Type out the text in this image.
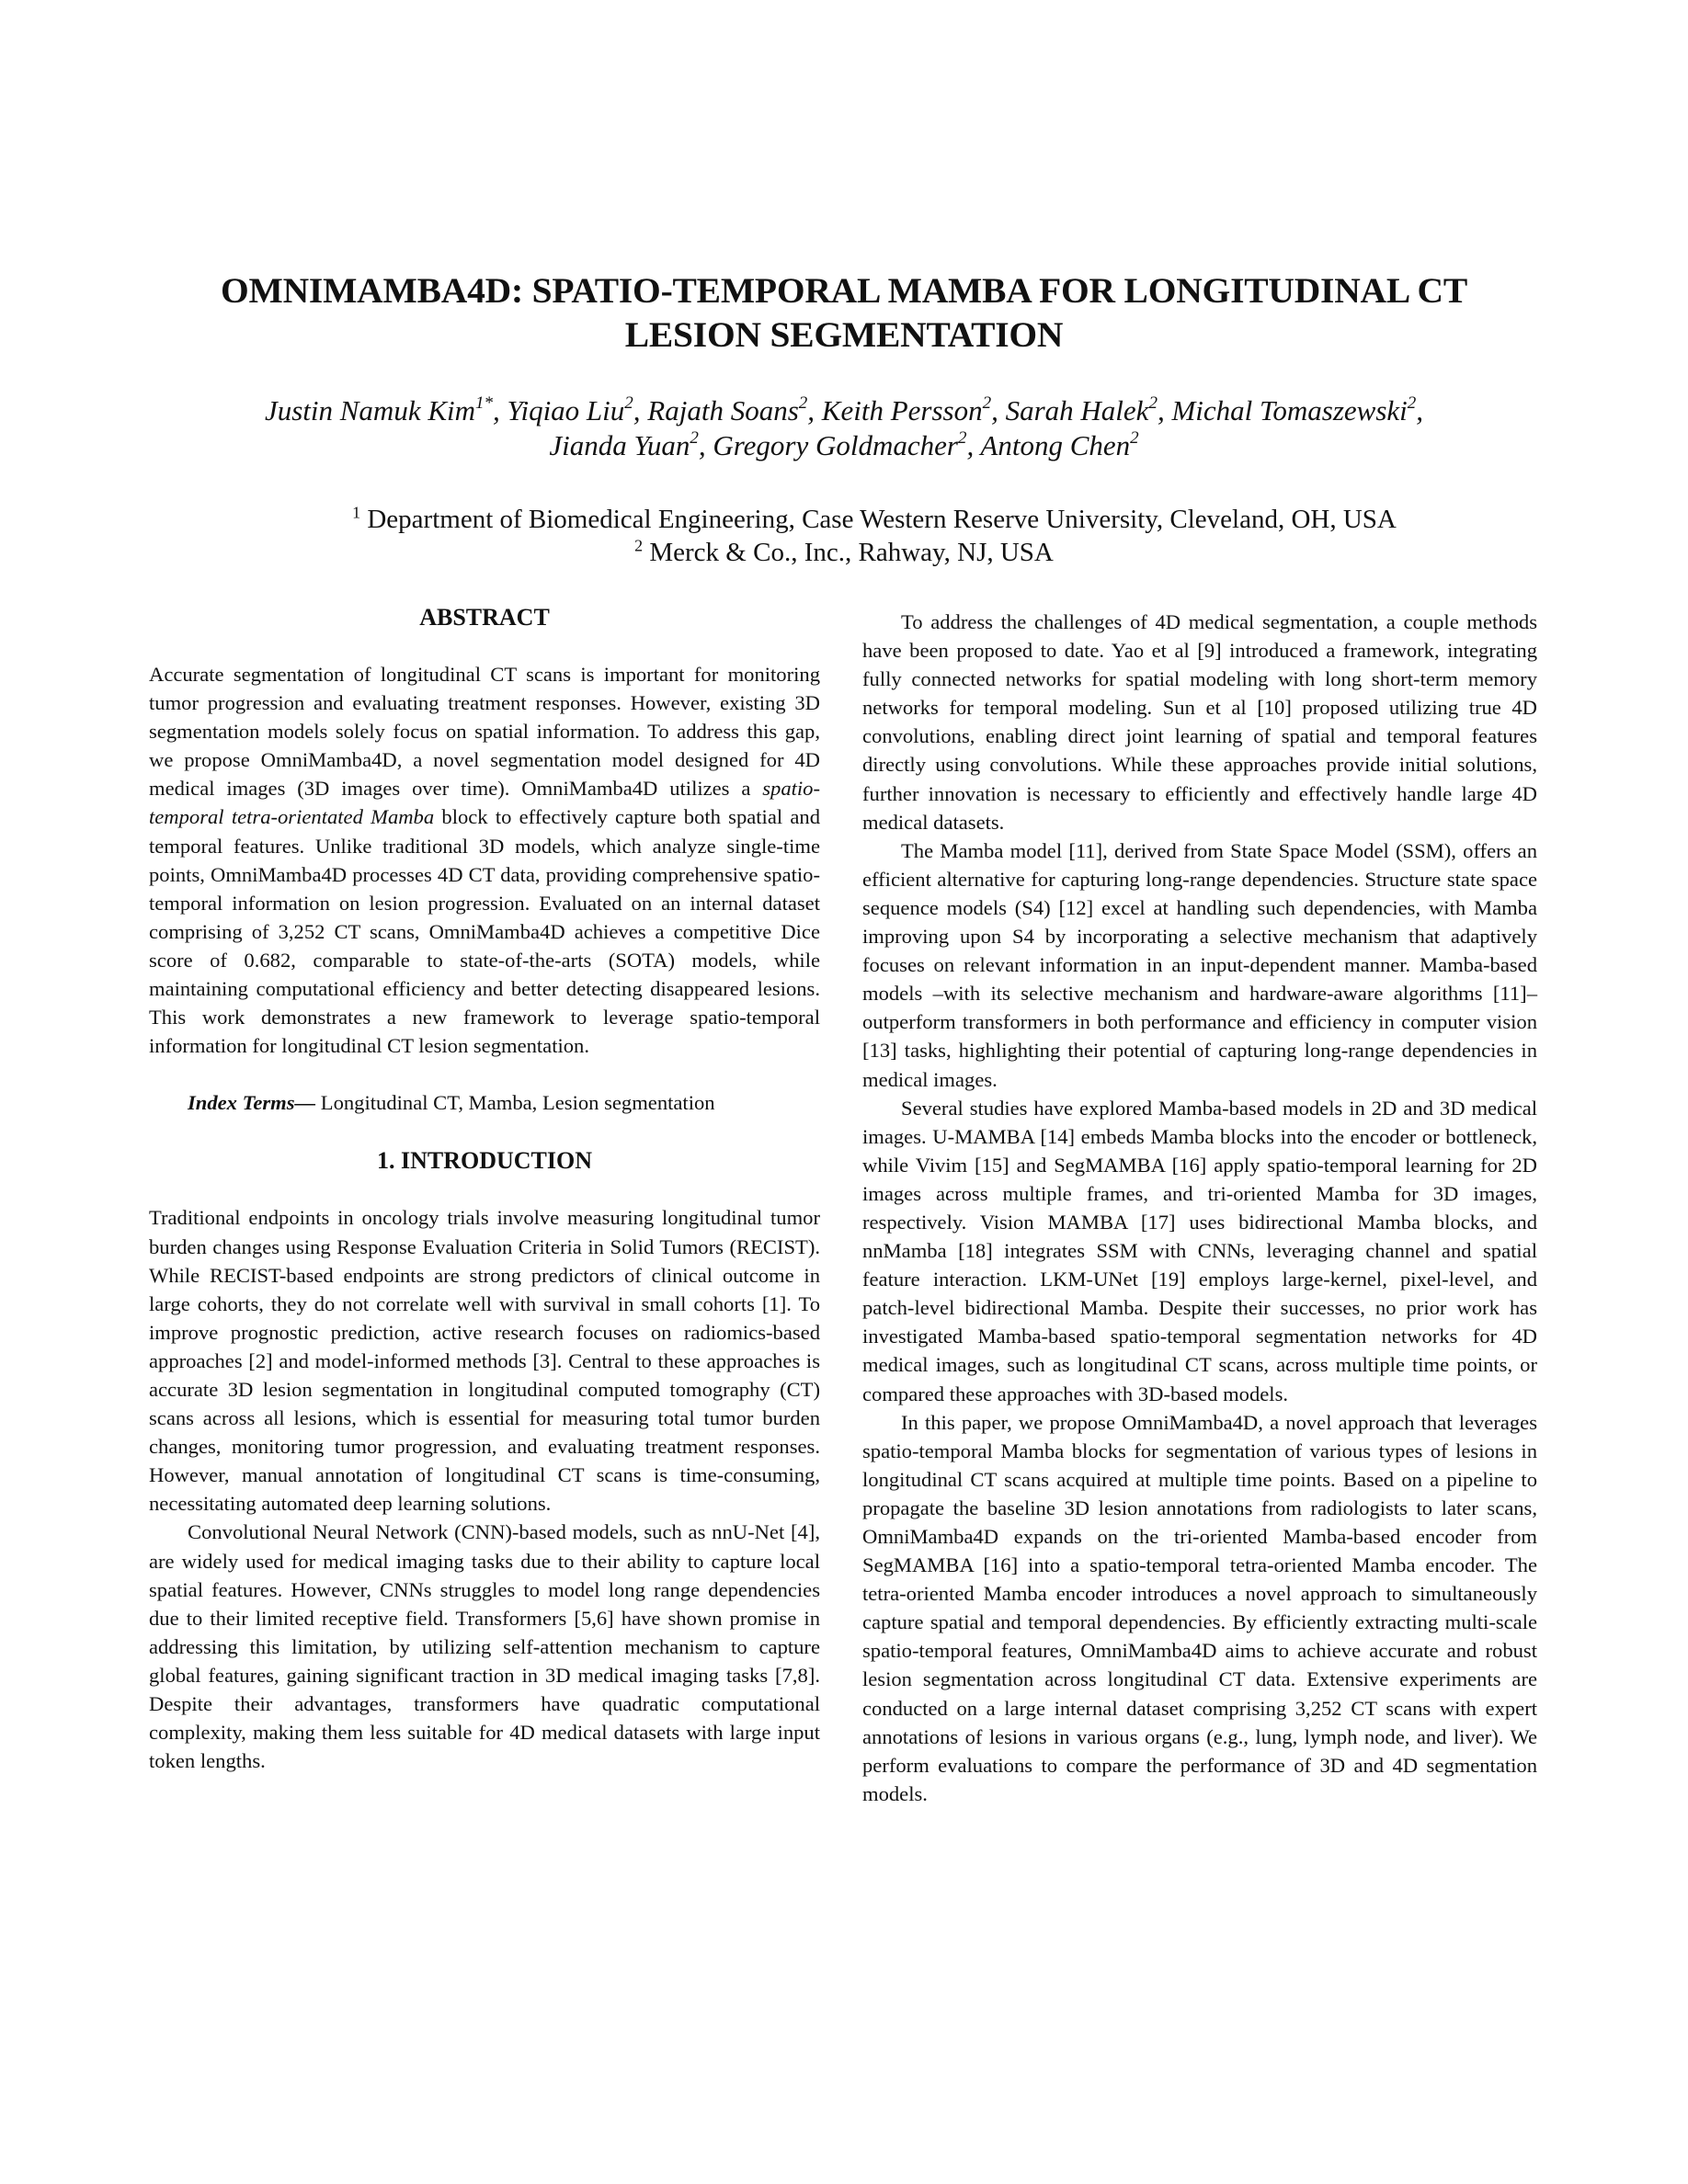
OMNIMAMBA4D: SPATIO-TEMPORAL MAMBA FOR LONGITUDINAL CT
LESION SEGMENTATION
Justin Namuk Kim$^{1*}$, Yiqiao Liu$^2$, Rajath Soans$^2$, Keith Persson$^2$, Sarah Halek$^2$, Michal Tomaszewski$^2$,
Jianda Yuan$^2$, Gregory Goldmacher$^2$, Antong Chen$^2$
$^1$ Department of Biomedical Engineering, Case Western Reserve University, Cleveland, OH, USA
$^2$ Merck & Co., Inc., Rahway, NJ, USA
ABSTRACT

Accurate segmentation of longitudinal CT scans is important for monitoring tumor progression and evaluating treatment responses. However, existing 3D segmentation models solely focus on spatial information. To address this gap, we propose OmniMamba4D, a novel segmentation model designed for 4D medical images (3D images over time). OmniMamba4D utilizes a spatio-temporal tetra-orientated Mamba block to effectively capture both spatial and temporal features. Unlike traditional 3D models, which analyze single-time points, OmniMamba4D processes 4D CT data, providing comprehensive spatio-temporal information on lesion progression. Evaluated on an internal dataset comprising of 3,252 CT scans, OmniMamba4D achieves a competitive Dice score of 0.682, comparable to state-of-the-arts (SOTA) models, while maintaining computational efficiency and better detecting disappeared lesions. This work demonstrates a new framework to leverage spatio-temporal information for longitudinal CT lesion segmentation.

Index Terms— Longitudinal CT, Mamba, Lesion segmentation

1. INTRODUCTION

Traditional endpoints in oncology trials involve measuring longitudinal tumor burden changes using Response Evaluation Criteria in Solid Tumors (RECIST). While RECIST-based endpoints are strong predictors of clinical outcome in large cohorts, they do not correlate well with survival in small cohorts [1]. To improve prognostic prediction, active research focuses on radiomics-based approaches [2] and model-informed methods [3]. Central to these approaches is accurate 3D lesion segmentation in longitudinal computed tomography (CT) scans across all lesions, which is essential for measuring total tumor burden changes, monitoring tumor progression, and evaluating treatment responses. However, manual annotation of longitudinal CT scans is time-consuming, necessitating automated deep learning solutions.

Convolutional Neural Network (CNN)-based models, such as nnU-Net [4], are widely used for medical imaging tasks due to their ability to capture local spatial features. However, CNNs struggles to model long range dependencies due to their limited receptive field. Transformers [5,6] have shown promise in addressing this limitation, by utilizing self-attention mechanism to capture global features, gaining significant traction in 3D medical imaging tasks [7,8]. Despite their advantages, transformers have quadratic computational complexity, making them less suitable for 4D medical datasets with large input token lengths.

To address the challenges of 4D medical segmentation, a couple methods have been proposed to date. Yao et al [9] introduced a framework, integrating fully connected networks for spatial modeling with long short-term memory networks for temporal modeling. Sun et al [10] proposed utilizing true 4D convolutions, enabling direct joint learning of spatial and temporal features directly using convolutions. While these approaches provide initial solutions, further innovation is necessary to efficiently and effectively handle large 4D medical datasets.

The Mamba model [11], derived from State Space Model (SSM), offers an efficient alternative for capturing long-range dependencies. Structure state space sequence models (S4) [12] excel at handling such dependencies, with Mamba improving upon S4 by incorporating a selective mechanism that adaptively focuses on relevant information in an input-dependent manner. Mamba-based models –with its selective mechanism and hardware-aware algorithms [11]– outperform transformers in both performance and efficiency in computer vision [13] tasks, highlighting their potential of capturing long-range dependencies in medical images.

Several studies have explored Mamba-based models in 2D and 3D medical images. U-MAMBA [14] embeds Mamba blocks into the encoder or bottleneck, while Vivim [15] and SegMAMBA [16] apply spatio-temporal learning for 2D images across multiple frames, and tri-oriented Mamba for 3D images, respectively. Vision MAMBA [17] uses bidirectional Mamba blocks, and nnMamba [18] integrates SSM with CNNs, leveraging channel and spatial feature interaction. LKM-UNet [19] employs large-kernel, pixel-level, and patch-level bidirectional Mamba. Despite their successes, no prior work has investigated Mamba-based spatio-temporal segmentation networks for 4D medical images, such as longitudinal CT scans, across multiple time points, or compared these approaches with 3D-based models.

In this paper, we propose OmniMamba4D, a novel approach that leverages spatio-temporal Mamba blocks for segmentation of various types of lesions in longitudinal CT scans acquired at multiple time points. Based on a pipeline to propagate the baseline 3D lesion annotations from radiologists to later scans, OmniMamba4D expands on the tri-oriented Mamba-based encoder from SegMAMBA [16] into a spatio-temporal tetra-oriented Mamba encoder. The tetra-oriented Mamba encoder introduces a novel approach to simultaneously capture spatial and temporal dependencies. By efficiently extracting multi-scale spatio-temporal features, OmniMamba4D aims to achieve accurate and robust lesion segmentation across longitudinal CT data. Extensive experiments are conducted on a large internal dataset comprising 3,252 CT scans with expert annotations of lesions in various organs (e.g., lung, lymph node, and liver). We perform evaluations to compare the performance of 3D and 4D segmentation models.
